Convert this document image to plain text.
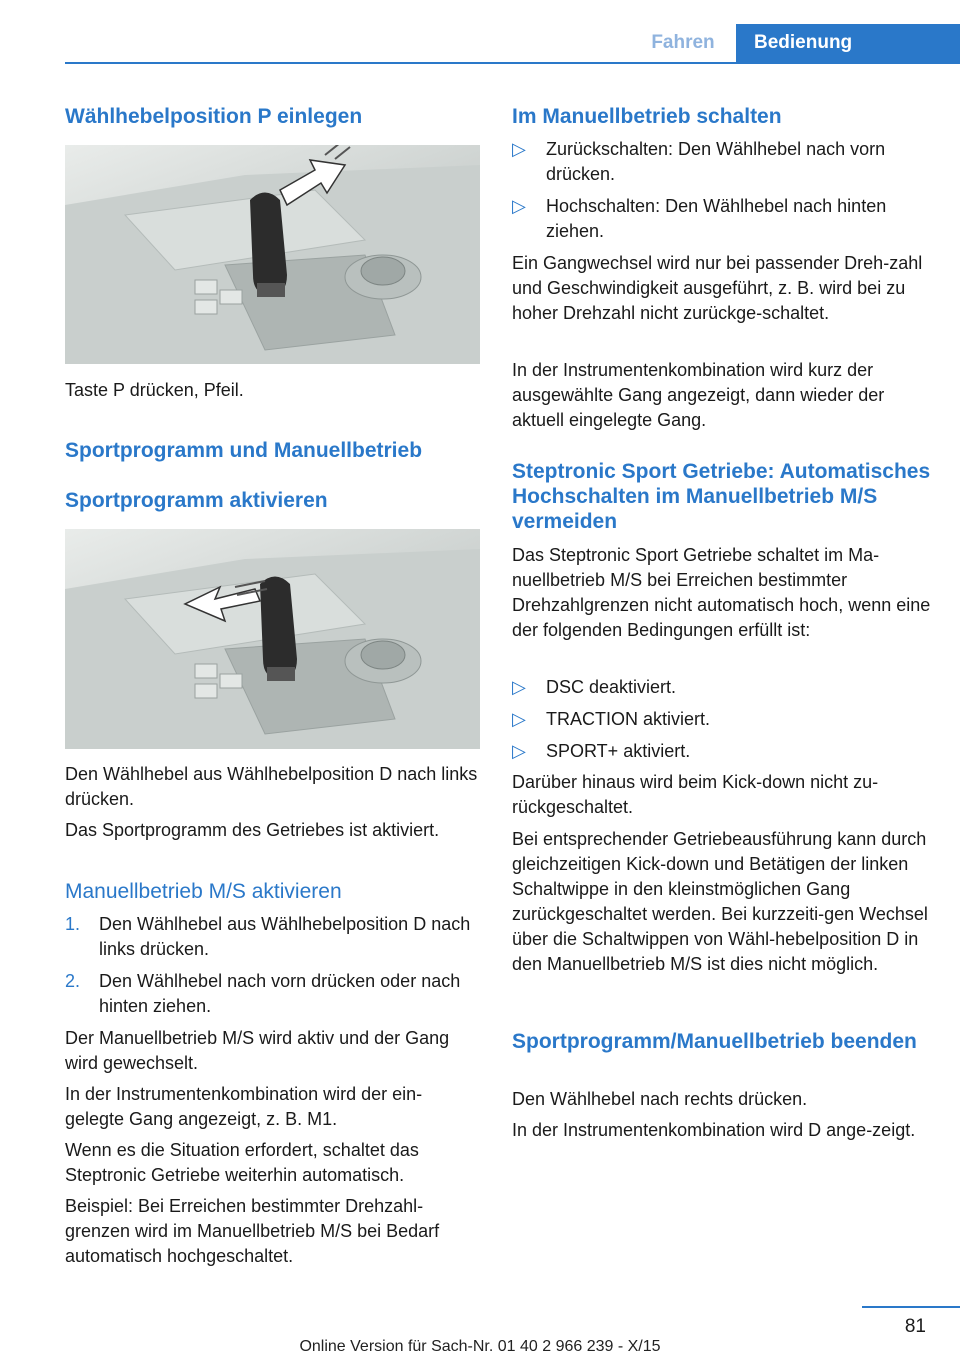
Fahren	Bedienung
Wählhebelposition P einlegen

Taste P drücken, Pfeil.

Sportprogramm und Manuellbetrieb
Sportprogramm aktivieren

Den Wählhebel aus Wählhebelposition D nach links drücken.

Das Sportprogramm des Getriebes ist aktiviert.

Manuellbetrieb M/S aktivieren
1. Den Wählhebel aus Wählhebelposition D nach links drücken.
2. Den Wählhebel nach vorn drücken oder nach hinten ziehen.

Der Manuellbetrieb M/S wird aktiv und der Gang wird gewechselt.

In der Instrumentenkombination wird der ein-gelegte Gang angezeigt, z. B. M1.

Wenn es die Situation erfordert, schaltet das Steptronic Getriebe weiterhin automatisch.

Beispiel: Bei Erreichen bestimmter Drehzahl-grenzen wird im Manuellbetrieb M/S bei Bedarf automatisch hochgeschaltet.

Im Manuellbetrieb schalten
▷ Zurückschalten: Den Wählhebel nach vorn drücken.
▷ Hochschalten: Den Wählhebel nach hinten ziehen.

Ein Gangwechsel wird nur bei passender Dreh-zahl und Geschwindigkeit ausgeführt, z. B. wird bei zu hoher Drehzahl nicht zurückge-schaltet.

In der Instrumentenkombination wird kurz der ausgewählte Gang angezeigt, dann wieder der aktuell eingelegte Gang.

Steptronic Sport Getriebe: Automatisches Hochschalten im Manuellbetrieb M/S vermeiden

Das Steptronic Sport Getriebe schaltet im Ma-nuellbetrieb M/S bei Erreichen bestimmter Drehzahlgrenzen nicht automatisch hoch, wenn eine der folgenden Bedingungen erfüllt ist:

▷ DSC deaktiviert.
▷ TRACTION aktiviert.
▷ SPORT+ aktiviert.

Darüber hinaus wird beim Kick-down nicht zu-rückgeschaltet.

Bei entsprechender Getriebeausführung kann durch gleichzeitigen Kick-down und Betätigen der linken Schaltwippe in den kleinstmöglichen Gang zurückgeschaltet werden. Bei kurzzeiti-gen Wechsel über die Schaltwippen von Wähl-hebelposition D in den Manuellbetrieb M/S ist dies nicht möglich.

Sportprogramm/Manuellbetrieb beenden

Den Wählhebel nach rechts drücken.

In der Instrumentenkombination wird D ange-zeigt.

81
Online Version für Sach-Nr. 01 40 2 966 239 - X/15
